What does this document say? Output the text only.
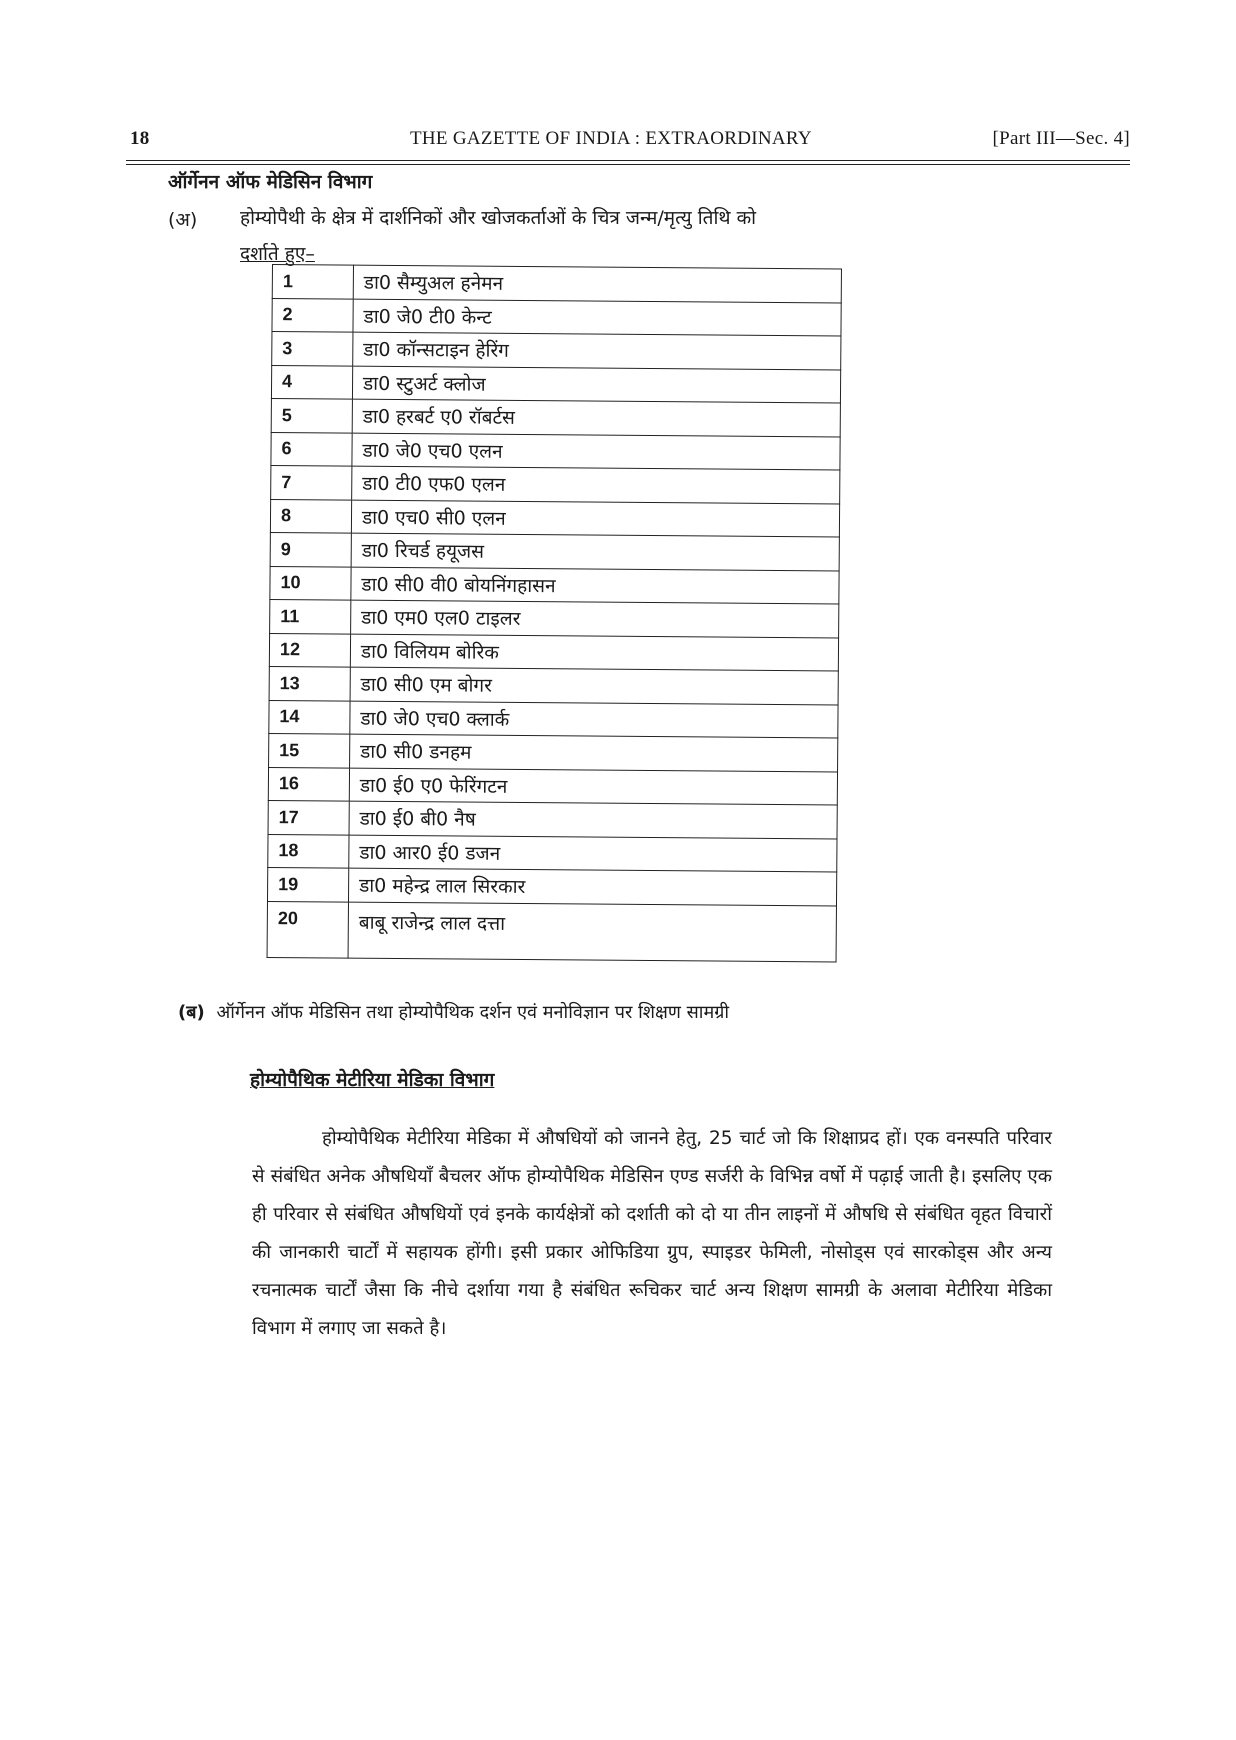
18	THE GAZETTE OF INDIA : EXTRAORDINARY	[Part III—Sec. 4]
ऑर्गेनन ऑफ मेडिसिन विभाग
(अ) होम्योपैथी के क्षेत्र में दार्शनिकों और खोजकर्ताओं के चित्र जन्म/मृत्यु तिथि को
दर्शाते हुए–
1	डा0 सैम्युअल हनेमन
2	डा0 जे0 टी0 केन्ट
3	डा0 कॉन्सटाइन हेरिंग
4	डा0 स्टुअर्ट क्लोज
5	डा0 हरबर्ट ए0 रॉबर्टस
6	डा0 जे0 एच0 एलन
7	डा0 टी0 एफ0 एलन
8	डा0 एच0 सी0 एलन
9	डा0 रिचर्ड हयूजस
10	डा0 सी0 वी0 बोयनिंगहासन
11	डा0 एम0 एल0 टाइलर
12	डा0 विलियम बोरिक
13	डा0 सी0 एम बोगर
14	डा0 जे0 एच0 क्लार्क
15	डा0 सी0 डनहम
16	डा0 ई0 ए0 फेरिंगटन
17	डा0 ई0 बी0 नैष
18	डा0 आर0 ई0 डजन
19	डा0 महेन्द्र लाल सिरकार
20	बाबू राजेन्द्र लाल दत्ता
(ब) ऑर्गेनन ऑफ मेडिसिन तथा होम्योपैथिक दर्शन एवं मनोविज्ञान पर शिक्षण सामग्री
होम्योपैथिक मेटीरिया मेडिका विभाग
होम्योपैथिक मेटीरिया मेडिका में औषधियों को जानने हेतु, 25 चार्ट जो कि शिक्षाप्रद हों। एक वनस्पति परिवार से संबंधित अनेक औषधियाँ बैचलर ऑफ होम्योपैथिक मेडिसिन एण्ड सर्जरी के विभिन्न वर्षो में पढ़ाई जाती है। इसलिए एक ही परिवार से संबंधित औषधियों एवं इनके कार्यक्षेत्रों को दर्शाती को दो या तीन लाइनों में औषधि से संबंधित वृहत विचारों की जानकारी चार्टों में सहायक होंगी। इसी प्रकार ओफिडिया ग्रुप, स्पाइडर फेमिली, नोसोड्स एवं सारकोड्स और अन्य रचनात्मक चार्टों जैसा कि नीचे दर्शाया गया है संबंधित रूचिकर चार्ट अन्य शिक्षण सामग्री के अलावा मेटीरिया मेडिका विभाग में लगाए जा सकते है।
